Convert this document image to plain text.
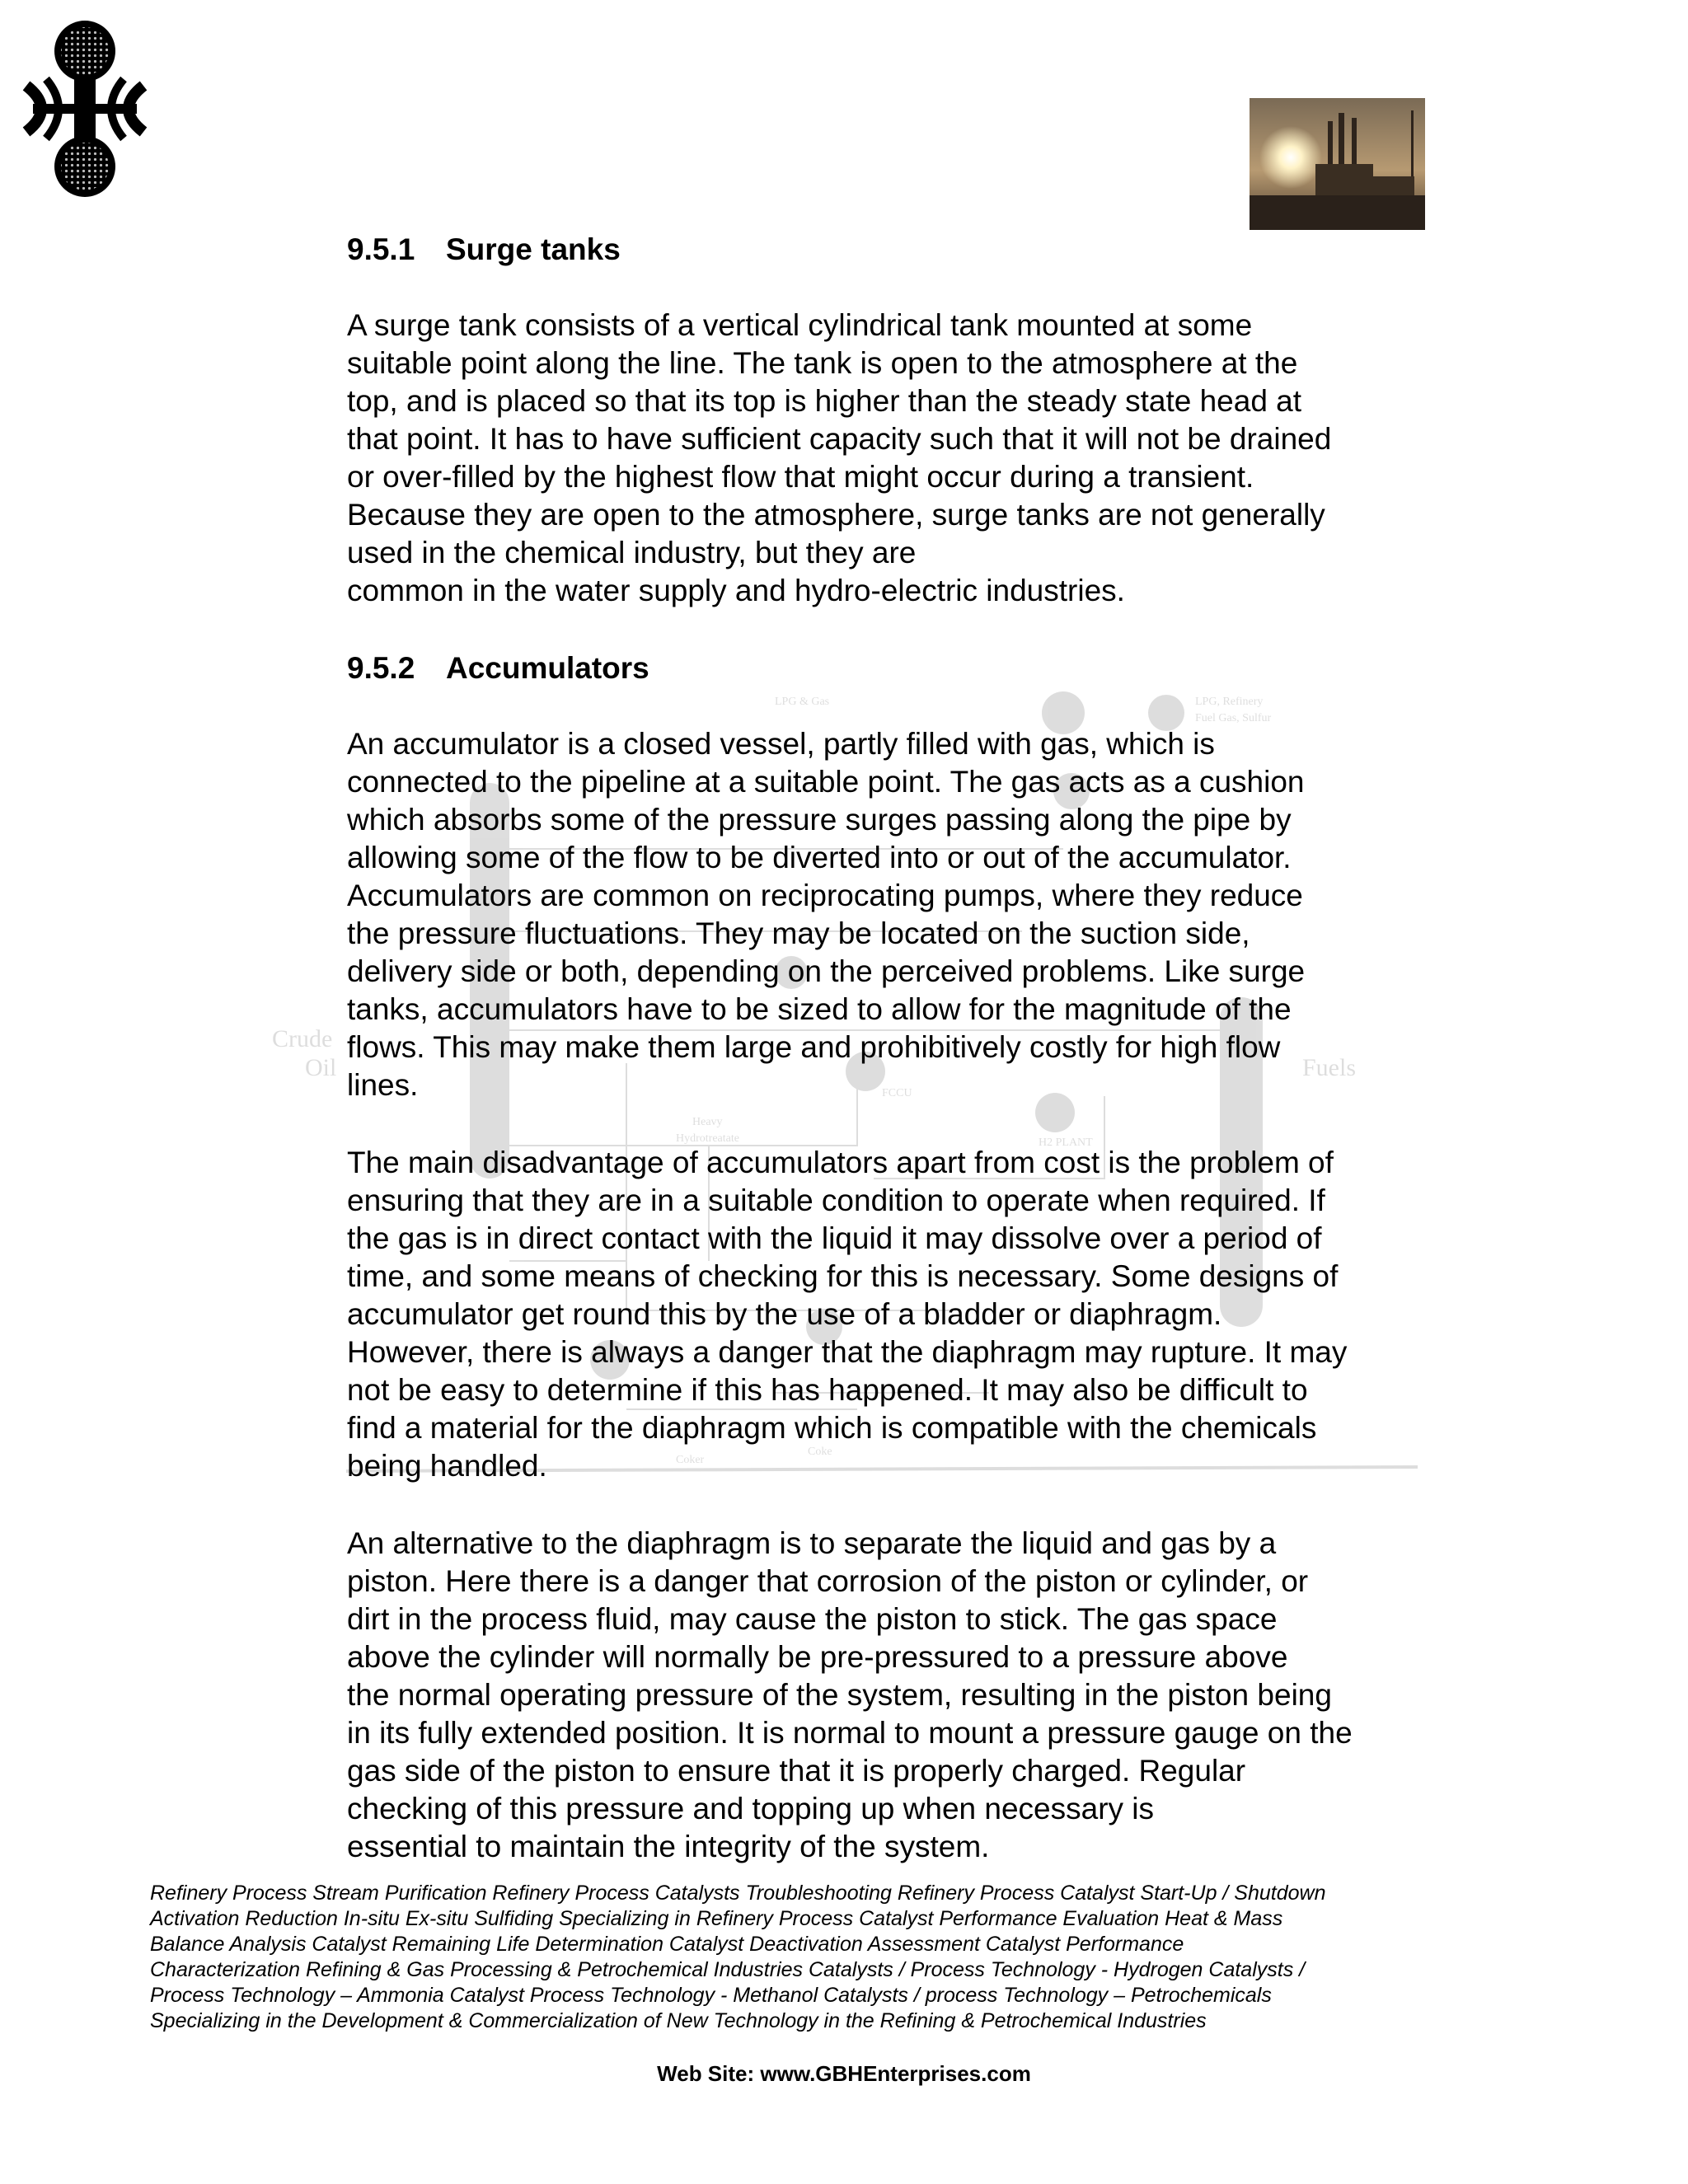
LPG & Gas	LPG, Refinery
Fuel Gas, Sulfur
Crude
Oil	Fuels
FCCU
Heavy
Hydrotreatate	H2 PLANT
Coker
Coke
9.5.1 Surge tanks

A surge tank consists of a vertical cylindrical tank mounted at some
suitable point along the line. The tank is open to the atmosphere at the
top, and is placed so that its top is higher than the steady state head at
that point. It has to have sufficient capacity such that it will not be drained
or over-filled by the highest flow that might occur during a transient.
Because they are open to the atmosphere, surge tanks are not generally
used in the chemical industry, but they are
common in the water supply and hydro-electric industries.

9.5.2 Accumulators

An accumulator is a closed vessel, partly filled with gas, which is
connected to the pipeline at a suitable point. The gas acts as a cushion
which absorbs some of the pressure surges passing along the pipe by
allowing some of the flow to be diverted into or out of the accumulator.
Accumulators are common on reciprocating pumps, where they reduce
the pressure fluctuations. They may be located on the suction side,
delivery side or both, depending on the perceived problems. Like surge
tanks, accumulators have to be sized to allow for the magnitude of the
flows. This may make them large and prohibitively costly for high flow
lines.

The main disadvantage of accumulators apart from cost is the problem of
ensuring that they are in a suitable condition to operate when required. If
the gas is in direct contact with the liquid it may dissolve over a period of
time, and some means of checking for this is necessary. Some designs of
accumulator get round this by the use of a bladder or diaphragm.
However, there is always a danger that the diaphragm may rupture. It may
not be easy to determine if this has happened. It may also be difficult to
find a material for the diaphragm which is compatible with the chemicals
being handled.

An alternative to the diaphragm is to separate the liquid and gas by a
piston. Here there is a danger that corrosion of the piston or cylinder, or
dirt in the process fluid, may cause the piston to stick. The gas space
above the cylinder will normally be pre-pressured to a pressure above
the normal operating pressure of the system, resulting in the piston being
in its fully extended position. It is normal to mount a pressure gauge on the
gas side of the piston to ensure that it is properly charged. Regular
checking of this pressure and topping up when necessary is
essential to maintain the integrity of the system.

Refinery Process Stream Purification Refinery Process Catalysts Troubleshooting Refinery Process Catalyst Start-Up / Shutdown
Activation Reduction In-situ Ex-situ Sulfiding Specializing in Refinery Process Catalyst Performance Evaluation Heat & Mass
Balance Analysis Catalyst Remaining Life Determination Catalyst Deactivation Assessment Catalyst Performance
Characterization Refining & Gas Processing & Petrochemical Industries Catalysts / Process Technology - Hydrogen Catalysts /
Process Technology – Ammonia Catalyst Process Technology - Methanol Catalysts / process Technology – Petrochemicals
Specializing in the Development & Commercialization of New Technology in the Refining & Petrochemical Industries
Web Site: www.GBHEnterprises.com
